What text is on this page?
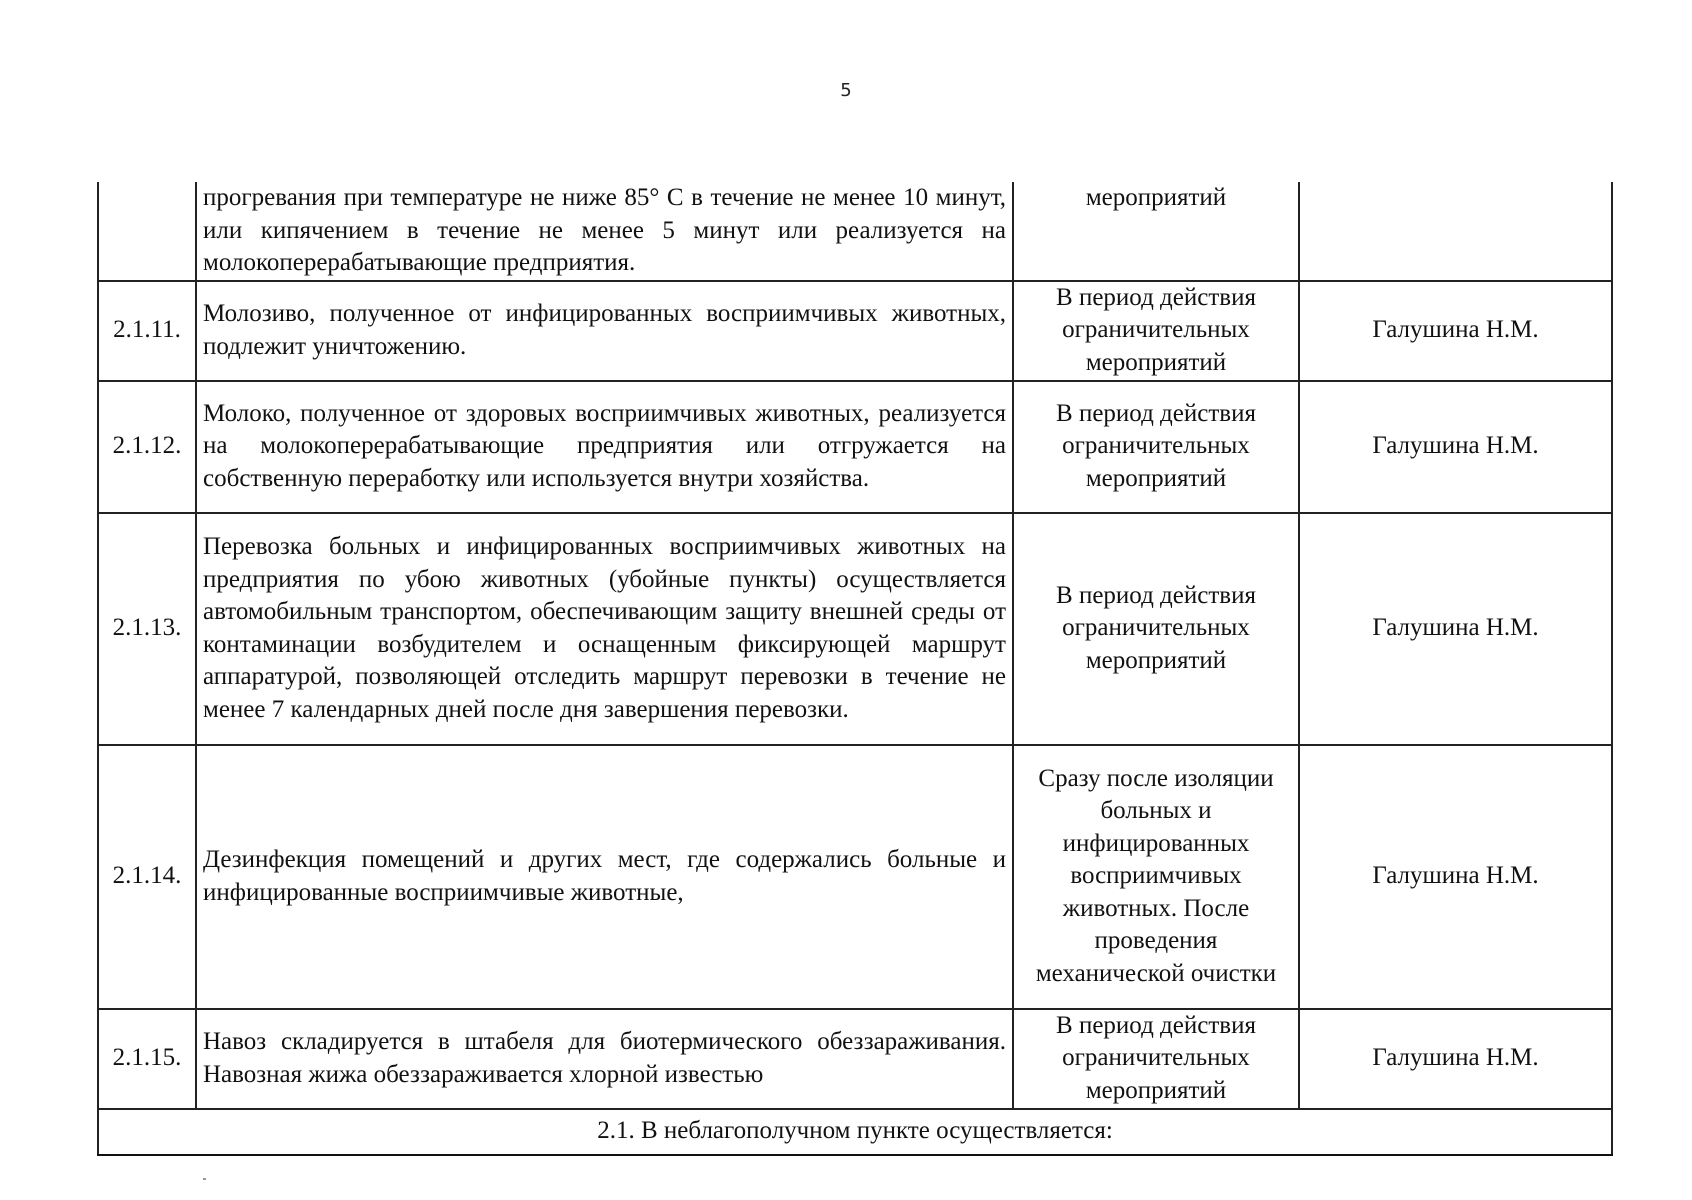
5
	прогревания при температуре не ниже 85° С в течение не менее 10 минут, или кипячением в течение не менее 5 минут или реализуется на молокоперерабатывающие предприятия.	мероприятий	
2.1.11.	Молозиво, полученное от инфицированных восприимчивых животных, подлежит уничтожению.	В период действия ограничительных мероприятий	Галушина Н.М.
2.1.12.	Молоко, полученное от здоровых восприимчивых животных, реализуется на молокоперерабатывающие предприятия или отгружается на собственную переработку или используется внутри хозяйства.	В период действия ограничительных мероприятий	Галушина Н.М.
2.1.13.	Перевозка больных и инфицированных восприимчивых животных на предприятия по убою животных (убойные пункты) осуществляется автомобильным транспортом, обеспечивающим защиту внешней среды от контаминации возбудителем и оснащенным фиксирующей маршрут аппаратурой, позволяющей отследить маршрут перевозки в течение не менее 7 календарных дней после дня завершения перевозки.	В период действия ограничительных мероприятий	Галушина Н.М.
2.1.14.	Дезинфекция помещений и других мест, где содержались больные и инфицированные восприимчивые животные,	Сразу после изоляции больных и инфицированных восприимчивых животных. После проведения механической очистки	Галушина Н.М.
2.1.15.	Навоз складируется в штабеля для биотермического обеззараживания. Навозная жижа обеззараживается хлорной известью	В период действия ограничительных мероприятий	Галушина Н.М.
2.1. В неблагополучном пункте осуществляется:			
